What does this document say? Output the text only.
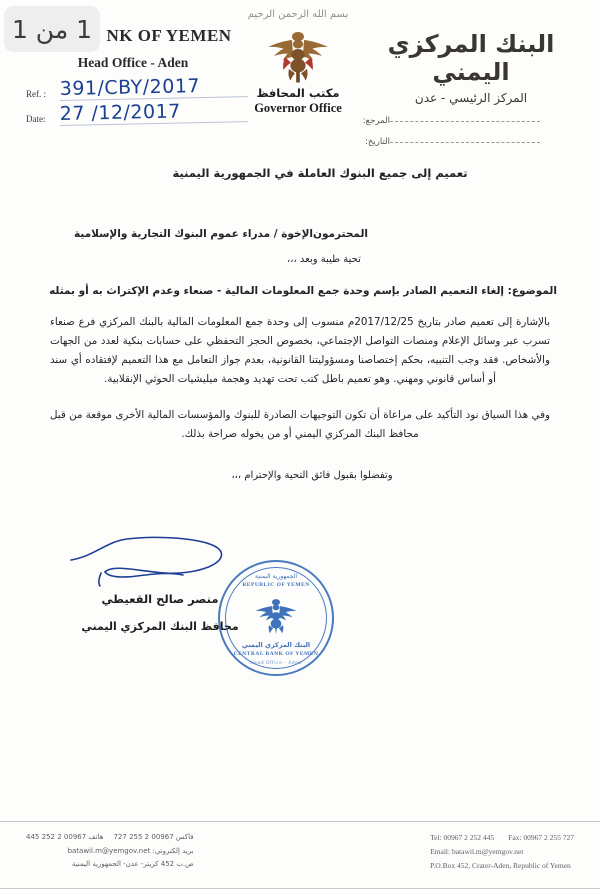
1 من 1 NK OF YEMEN
Head Office - Aden
Ref. : 391/CBY/2017
Date: 27 /12/2017
بسم الله الرحمن الرحيم
مكتب المحافظ
Governor Office
البنك المركزي اليمني
المركز الرئيسي - عدن
المرجع:
التاريخ:
تعميم إلى جميع البنوك العاملة في الجمهورية اليمنية
المحترمون
الإخوة / مدراء عموم البنوك التجارية والإسلامية
تحية طيبة وبعد ،،،
الموضوع: إلغاء التعميم الصادر بإسم وحدة جمع المعلومات المالية - صنعاء وعدم الإكتراث به أو بمثله
بالإشارة إلى تعميم صادر بتاريخ 2017/12/25م منسوب إلى وحدة جمع المعلومات المالية بالبنك المركزي فرع صنعاء تسرب عبر وسائل الإعلام ومنصات التواصل الإجتماعي، بخصوص الحجز التحفظي على حسابات بنكية لعدد من الجهات والأشخاص. فقد وجب التنبيه، بحكم إختصاصنا ومسؤوليتنا القانونية، بعدم جواز التعامل مع هذا التعميم لإفتقاده أي سند أو أساس قانوني ومهني. وهو تعميم باطل كتب تحت تهديد وهجمة ميليشيات الحوثي الإنقلابية.
وفي هذا السياق نود التأكيد على مراعاة أن تكون التوجيهات الصادرة للبنوك والمؤسسات المالية الأخرى موقعة من قبل محافظ البنك المركزي اليمني أو من يخوله صراحة بذلك.
وتفضلوا بقبول فائق التحية والإحترام ،،،
منصر صالح القعيطي
محافظ البنك المركزي اليمني
الجمهورية اليمنية
REPUBLIC OF YEMEN
البنك المركزي اليمني
CENTRAL BANK OF YEMEN
Head Office - Aden
Tel: 00967 2 252 445 Fax: 00967 2 255 727
Email: batawil.m@yemgov.net
P.O.Box 452, Crater-Aden, Republic of Yemen
فاكس 00967 2 255 727هاتف 00967 2 252 445
بريد إلكتروني: batawil.m@yemgov.net
ص.ب 452 كريتر- عدن- الجمهورية اليمنية
